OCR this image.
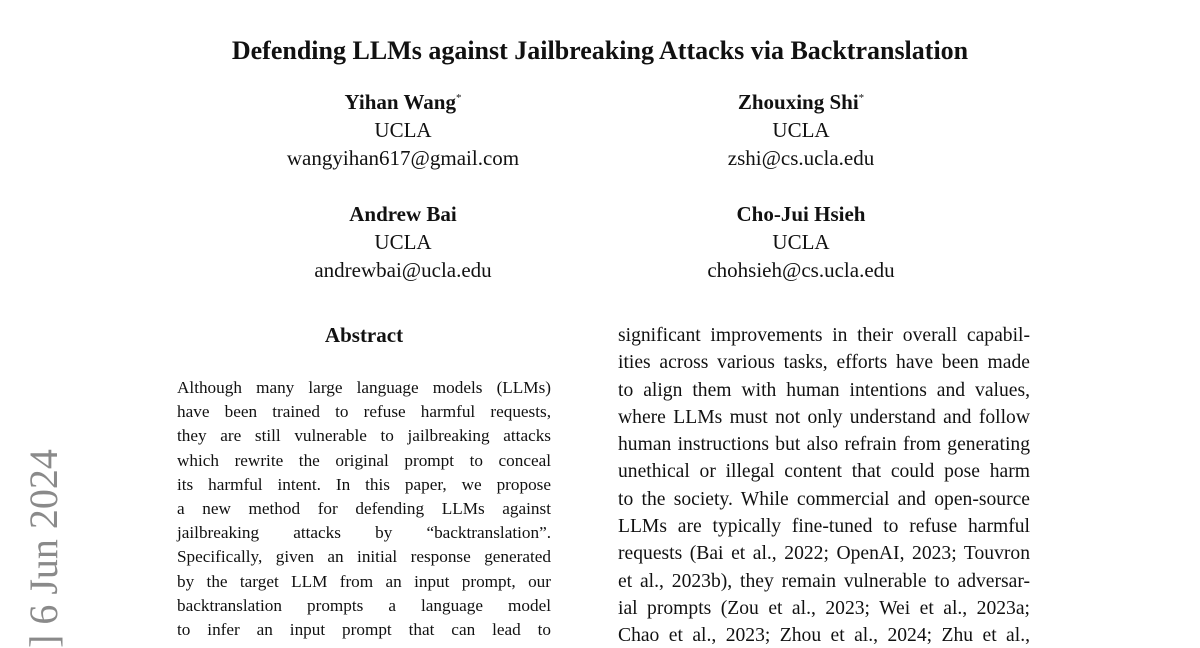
Defending LLMs against Jailbreaking Attacks via Backtranslation
Yihan Wang*
UCLA
wangyihan617@gmail.com
Zhouxing Shi*
UCLA
zshi@cs.ucla.edu
Andrew Bai
UCLA
andrewbai@ucla.edu
Cho-Jui Hsieh
UCLA
chohsieh@cs.ucla.edu
Abstract

Although many large language models (LLMs)
have been trained to refuse harmful requests,
they are still vulnerable to jailbreaking attacks
which rewrite the original prompt to conceal
its harmful intent. In this paper, we propose
a new method for defending LLMs against
jailbreaking attacks by “backtranslation”.
Specifically, given an initial response generated
by the target LLM from an input prompt, our
backtranslation prompts a language model
to infer an input prompt that can lead to

significant improvements in their overall capabil-
ities across various tasks, efforts have been made
to align them with human intentions and values,
where LLMs must not only understand and follow
human instructions but also refrain from generating
unethical or illegal content that could pose harm
to the society. While commercial and open-source
LLMs are typically fine-tuned to refuse harmful
requests (Bai et al., 2022; OpenAI, 2023; Touvron
et al., 2023b), they remain vulnerable to adversar-
ial prompts (Zou et al., 2023; Wei et al., 2023a;
Chao et al., 2023; Zhou et al., 2024; Zhu et al.,

] 6 Jun 2024
